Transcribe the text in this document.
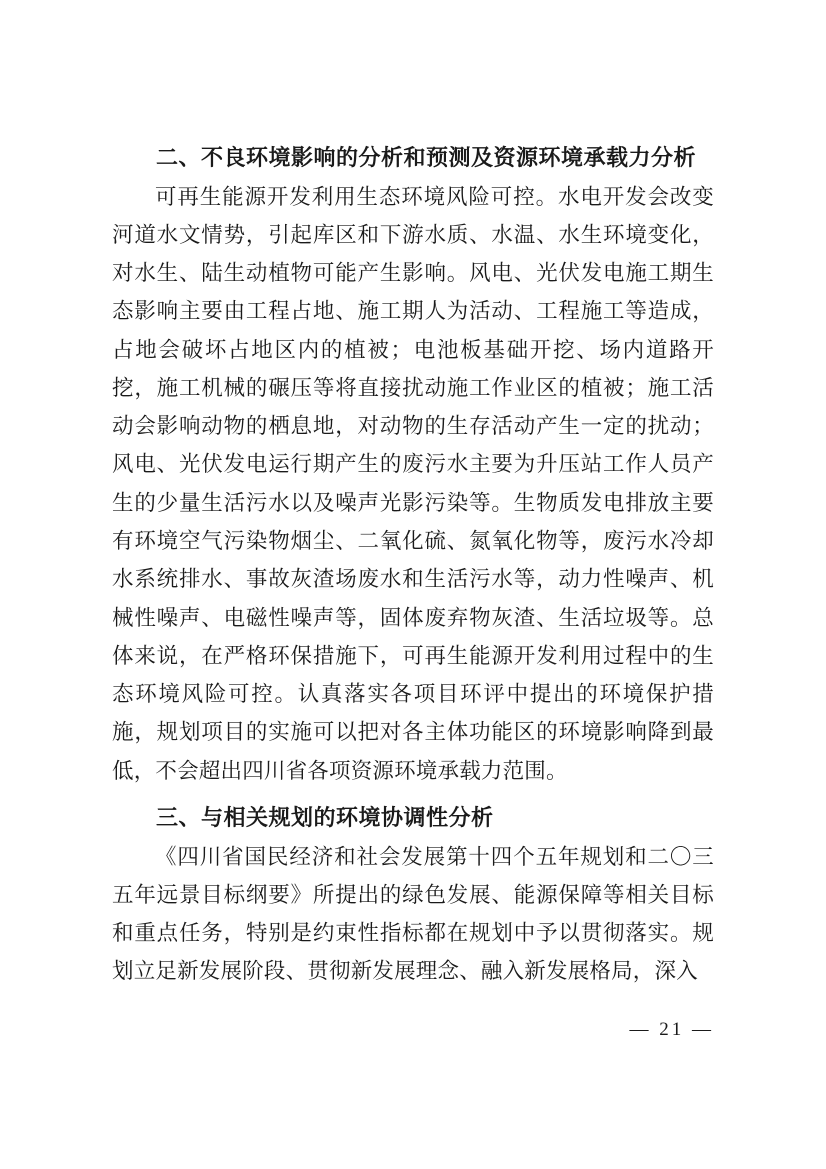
二、不良环境影响的分析和预测及资源环境承载力分析

可再生能源开发利用生态环境风险可控。水电开发会改变河道水文情势，引起库区和下游水质、水温、水生环境变化，对水生、陆生动植物可能产生影响。风电、光伏发电施工期生态影响主要由工程占地、施工期人为活动、工程施工等造成，占地会破坏占地区内的植被；电池板基础开挖、场内道路开挖，施工机械的碾压等将直接扰动施工作业区的植被；施工活动会影响动物的栖息地，对动物的生存活动产生一定的扰动；风电、光伏发电运行期产生的废污水主要为升压站工作人员产生的少量生活污水以及噪声光影污染等。生物质发电排放主要有环境空气污染物烟尘、二氧化硫、氮氧化物等，废污水冷却水系统排水、事故灰渣场废水和生活污水等，动力性噪声、机械性噪声、电磁性噪声等，固体废弃物灰渣、生活垃圾等。总体来说，在严格环保措施下，可再生能源开发利用过程中的生态环境风险可控。认真落实各项目环评中提出的环境保护措施，规划项目的实施可以把对各主体功能区的环境影响降到最低，不会超出四川省各项资源环境承载力范围。

三、与相关规划的环境协调性分析

《四川省国民经济和社会发展第十四个五年规划和二〇三五年远景目标纲要》所提出的绿色发展、能源保障等相关目标和重点任务，特别是约束性指标都在规划中予以贯彻落实。规划立足新发展阶段、贯彻新发展理念、融入新发展格局，深入

— 21 —
